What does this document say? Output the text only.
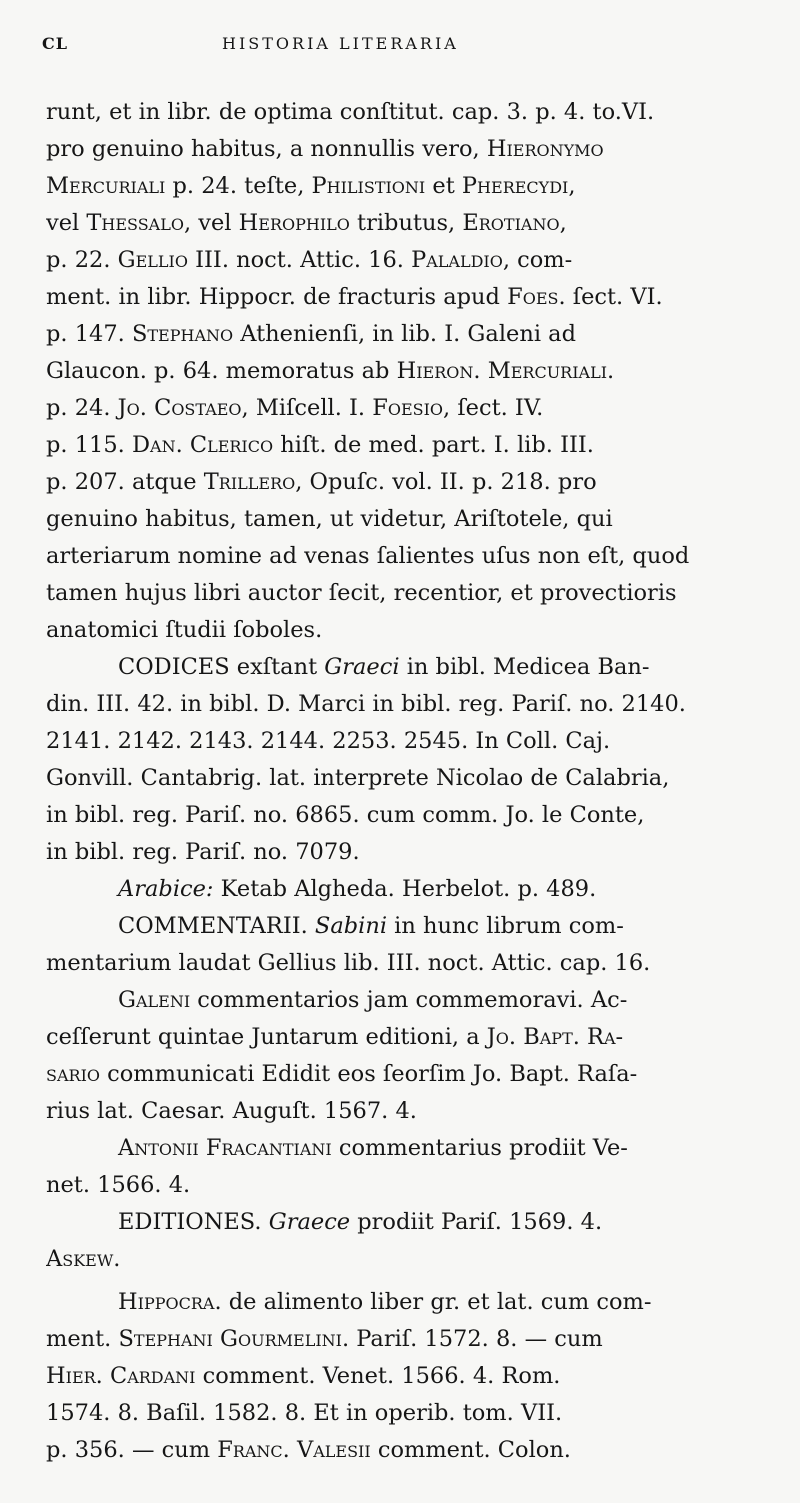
CL	HISTORIA LITERARIA
runt, et in libr. de optima conſtitut. cap. 3. p. 4. to.VI.
pro genuino habitus, a nonnullis vero, Hieronymo
Mercuriali p. 24. teſte, Philistioni et Pherecydi,
vel Thessalo, vel Herophilo tributus, Erotiano,
p. 22. Gellio III. noct. Attic. 16. Palaldio, com-
ment. in libr. Hippocr. de fracturis apud Foes. ſect. VI.
p. 147. Stephano Athenienſi, in lib. I. Galeni ad
Glaucon. p. 64. memoratus ab Hieron. Mercuriali.
p. 24. Jo. Costaeo, Miſcell. I. Foesio, ſect. IV.
p. 115. Dan. Clerico hiſt. de med. part. I. lib. III.
p. 207. atque Trillero, Opuſc. vol. II. p. 218. pro
genuino habitus, tamen, ut videtur, Ariſtotele, qui
arteriarum nomine ad venas ſalientes uſus non eſt, quod
tamen hujus libri auctor ſecit, recentior, et provectioris
anatomici ſtudii ſoboles.
CODICES exſtant Graeci in bibl. Medicea Ban-
din. III. 42. in bibl. D. Marci in bibl. reg. Pariſ. no. 2140.
2141. 2142. 2143. 2144. 2253. 2545. In Coll. Caj.
Gonvill. Cantabrig. lat. interprete Nicolao de Calabria,
in bibl. reg. Pariſ. no. 6865. cum comm. Jo. le Conte,
in bibl. reg. Pariſ. no. 7079.
Arabice: Ketab Algheda. Herbelot. p. 489.
COMMENTARII. Sabini in hunc librum com-
mentarium laudat Gellius lib. III. noct. Attic. cap. 16.
Galeni commentarios jam commemoravi. Ac-
ceſſerunt quintae Juntarum editioni, a Jo. Bapt. Ra-
sario communicati Edidit eos ſeorſim Jo. Bapt. Raſa-
rius lat. Caesar. Auguſt. 1567. 4.
Antonii Fracantiani commentarius prodiit Ve-
net. 1566. 4.
EDITIONES. Graece prodiit Pariſ. 1569. 4.
Askew.
Hippocra. de alimento liber gr. et lat. cum com-
ment. Stephani Gourmelini. Pariſ. 1572. 8. — cum
Hier. Cardani comment. Venet. 1566. 4. Rom.
1574. 8. Baſil. 1582. 8. Et in operib. tom. VII.
p. 356. — cum Franc. Valesii comment. Colon.
